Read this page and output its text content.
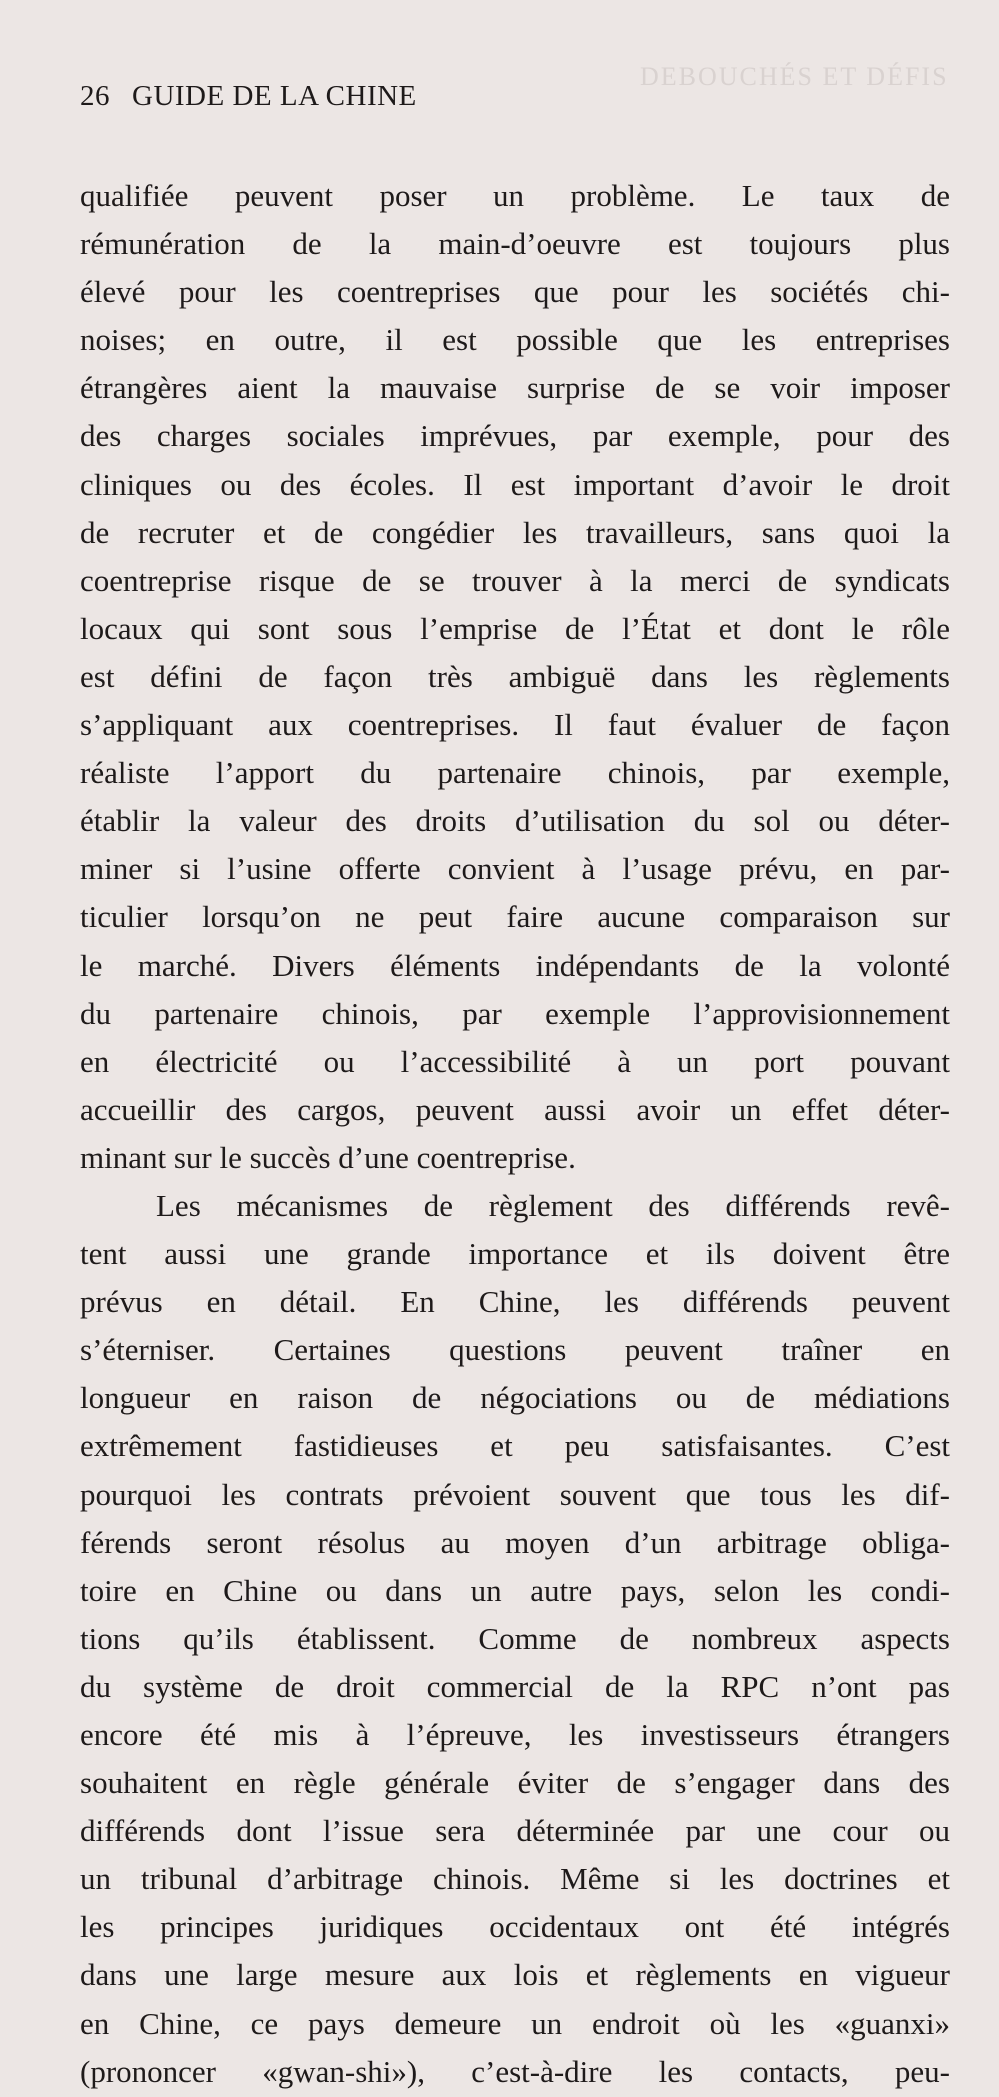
DEBOUCHÉS ET DÉFIS
26 GUIDE DE LA CHINE
qualifiée peuvent poser un problème. Le taux de
rémunération de la main-d’oeuvre est toujours plus
élevé pour les coentreprises que pour les sociétés chi-
noises; en outre, il est possible que les entreprises
étrangères aient la mauvaise surprise de se voir imposer
des charges sociales imprévues, par exemple, pour des
cliniques ou des écoles. Il est important d’avoir le droit
de recruter et de congédier les travailleurs, sans quoi la
coentreprise risque de se trouver à la merci de syndicats
locaux qui sont sous l’emprise de l’État et dont le rôle
est défini de façon très ambiguë dans les règlements
s’appliquant aux coentreprises. Il faut évaluer de façon
réaliste l’apport du partenaire chinois, par exemple,
établir la valeur des droits d’utilisation du sol ou déter-
miner si l’usine offerte convient à l’usage prévu, en par-
ticulier lorsqu’on ne peut faire aucune comparaison sur
le marché. Divers éléments indépendants de la volonté
du partenaire chinois, par exemple l’approvisionnement
en électricité ou l’accessibilité à un port pouvant
accueillir des cargos, peuvent aussi avoir un effet déter-
minant sur le succès d’une coentreprise.
Les mécanismes de règlement des différends revê-
tent aussi une grande importance et ils doivent être
prévus en détail. En Chine, les différends peuvent
s’éterniser. Certaines questions peuvent traîner en
longueur en raison de négociations ou de médiations
extrêmement fastidieuses et peu satisfaisantes. C’est
pourquoi les contrats prévoient souvent que tous les dif-
férends seront résolus au moyen d’un arbitrage obliga-
toire en Chine ou dans un autre pays, selon les condi-
tions qu’ils établissent. Comme de nombreux aspects
du système de droit commercial de la RPC n’ont pas
encore été mis à l’épreuve, les investisseurs étrangers
souhaitent en règle générale éviter de s’engager dans des
différends dont l’issue sera déterminée par une cour ou
un tribunal d’arbitrage chinois. Même si les doctrines et
les principes juridiques occidentaux ont été intégrés
dans une large mesure aux lois et règlements en vigueur
en Chine, ce pays demeure un endroit où les «guanxi»
(prononcer «gwan-shi»), c’est-à-dire les contacts, peu-
